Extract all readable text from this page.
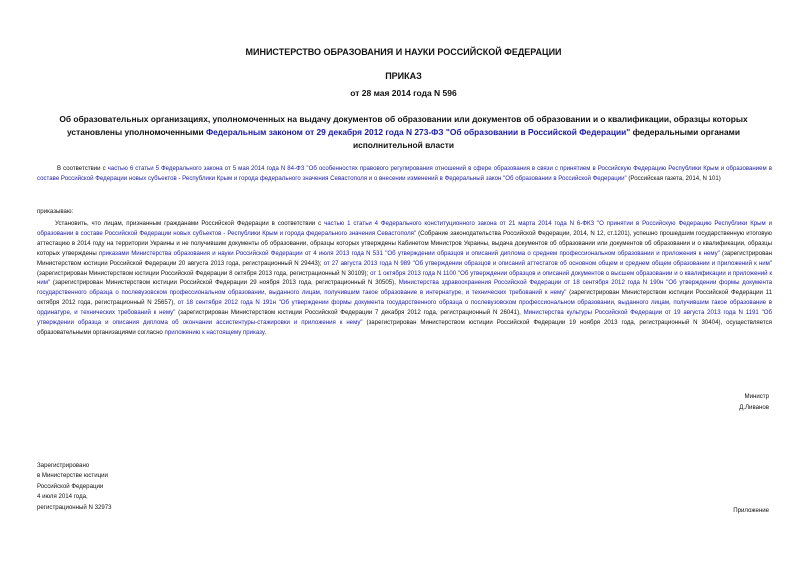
МИНИСТЕРСТВО ОБРАЗОВАНИЯ И НАУКИ РОССИЙСКОЙ ФЕДЕРАЦИИ
ПРИКАЗ
от 28 мая 2014 года N 596
Об образовательных организациях, уполномоченных на выдачу документов об образовании или документов об образовании и о квалификации, образцы которых установлены уполномоченными Федеральным законом от 29 декабря 2012 года N 273-ФЗ "Об образовании в Российской Федерации" федеральными органами исполнительной власти
В соответствии с частью 6 статьи 5 Федерального закона от 5 мая 2014 года N 84-ФЗ "Об особенностях правового регулирования отношений в сфере образования в связи с принятием в Российскую Федерацию Республики Крым и образованием в составе Российской Федерации новых субъектов - Республики Крым и города федерального значения Севастополя и о внесении изменений в Федеральный закон "Об образовании в Российской Федерации" (Российская газета, 2014, N 101)
приказываю:
Установить, что лицам, признанным гражданами Российской Федерации в соответствии с частью 1 статьи 4 Федерального конституционного закона от 21 марта 2014 года N 6-ФКЗ "О принятии в Российскую Федерацию Республики Крым и образовании в составе Российской Федерации новых субъектов - Республики Крым и города федерального значения Севастополя" (Собрание законодательства Российской Федерации, 2014, N 12, ст.1201), успешно прошедшим государственную итоговую аттестацию в 2014 году на территории Украины и не получившим документы об образовании, образцы которых утверждены Кабинетом Министров Украины, выдача документов об образовании или документов об образовании и о квалификации, образцы которых утверждены приказами Министерства образования и науки Российской Федерации от 4 июля 2013 года N 531 "Об утверждении образцов и описаний диплома о среднем профессиональном образовании и приложения к нему" (зарегистрирован Министерством юстиции Российской Федерации 20 августа 2013 года, регистрационный N 29443); от 27 августа 2013 года N 989 "Об утверждении образцов и описаний аттестатов об основном общем и среднем общем образовании и приложений к ним" (зарегистрирован Министерством юстиции Российской Федерации 8 октября 2013 года, регистрационный N 30109); от 1 октября 2013 года N 1100 "Об утверждении образцов и описаний документов о высшем образовании и о квалификации и приложений к ним" (зарегистрирован Министерством юстиции Российской Федерации 29 ноября 2013 года, регистрационный N 30505), Министерства здравоохранения Российской Федерации от 18 сентября 2012 года N 190н "Об утверждении формы документа государственного образца о послевузовском профессиональном образовании, выданного лицам, получившим такое образование в интернатуре, и технических требований к нему" (зарегистрирован Министерством юстиции Российской Федерации 11 октября 2012 года, регистрационный N 25657), от 18 сентября 2012 года N 191н "Об утверждении формы документа государственного образца о послевузовском профессиональном образовании, выданного лицам, получившим такое образование в ординатуре, и технических требований к нему" (зарегистрирован Министерством юстиции Российской Федерации 7 декабря 2012 года, регистрационный N 26041), Министерства культуры Российской Федерации от 19 августа 2013 года N 1191 "Об утверждении образца и описания диплома об окончании ассистентуры-стажировки и приложения к нему" (зарегистрирован Министерством юстиции Российской Федерации 19 ноября 2013 года, регистрационный N 30404), осуществляется образовательными организациями согласно приложению к настоящему приказу.
Министр
Д.Ливанов
Зарегистрировано
в Министерстве юстиции
Российской Федерации
4 июля 2014 года,
регистрационный N 32973	Приложение
